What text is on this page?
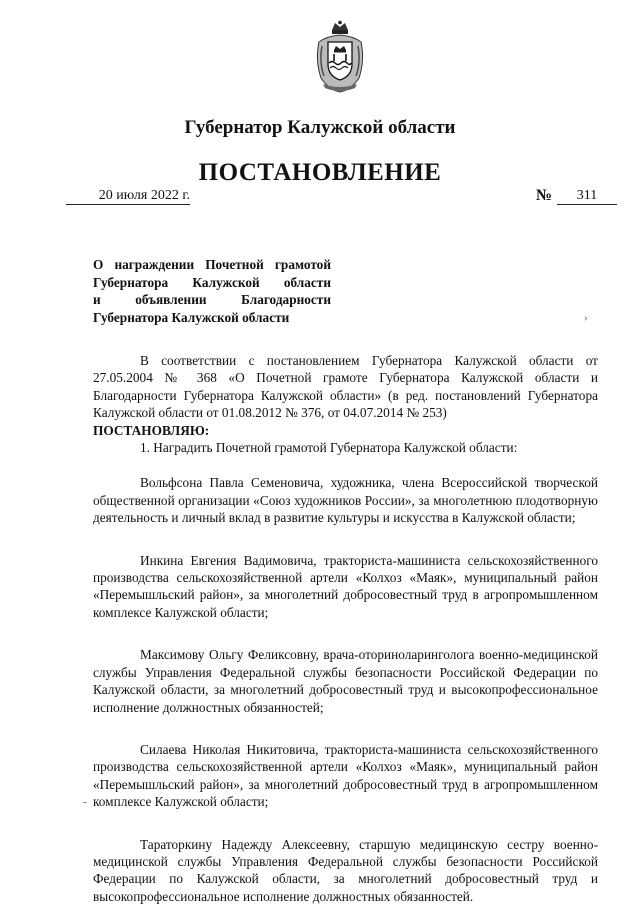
Губернатор Калужской области
ПОСТАНОВЛЕНИЕ
20 июля 2022 г.	№	311
О награждении Почетной грамотой
Губернатора Калужской области
и объявлении Благодарности
Губернатора Калужской области	›
-

В соответствии с постановлением Губернатора Калужской области от 27.05.2004 № 368 «О Почетной грамоте Губернатора Калужской области и Благодарности Губернатора Калужской области» (в ред. постановлений Губернатора Калужской области от 01.08.2012 № 376, от 04.07.2014 № 253)

ПОСТАНОВЛЯЮ:

1. Наградить Почетной грамотой Губернатора Калужской области:

Вольфсона Павла Семеновича, художника, члена Всероссийской творческой общественной организации «Союз художников России», за многолетнюю плодотворную деятельность и личный вклад в развитие культуры и искусства в Калужской области;

Инкина Евгения Вадимовича, тракториста-машиниста сельскохозяйственного производства сельскохозяйственной артели «Колхоз «Маяк», муниципальный район «Перемышльский район», за многолетний добросовестный труд в агропромышленном комплексе Калужской области;

Максимову Ольгу Феликсовну, врача-оториноларинголога военно-медицинской службы Управления Федеральной службы безопасности Российской Федерации по Калужской области, за многолетний добросовестный труд и высокопрофессиональное исполнение должностных обязанностей;

Силаева Николая Никитовича, тракториста-машиниста сельскохозяйственного производства сельскохозяйственной артели «Колхоз «Маяк», муниципальный район «Перемышльский район», за многолетний добросовестный труд в агропромышленном комплексе Калужской области;

Тараторкину Надежду Алексеевну, старшую медицинскую сестру военно-медицинской службы Управления Федеральной службы безопасности Российской Федерации по Калужской области, за многолетний добросовестный труд и высокопрофессиональное исполнение должностных обязанностей.
